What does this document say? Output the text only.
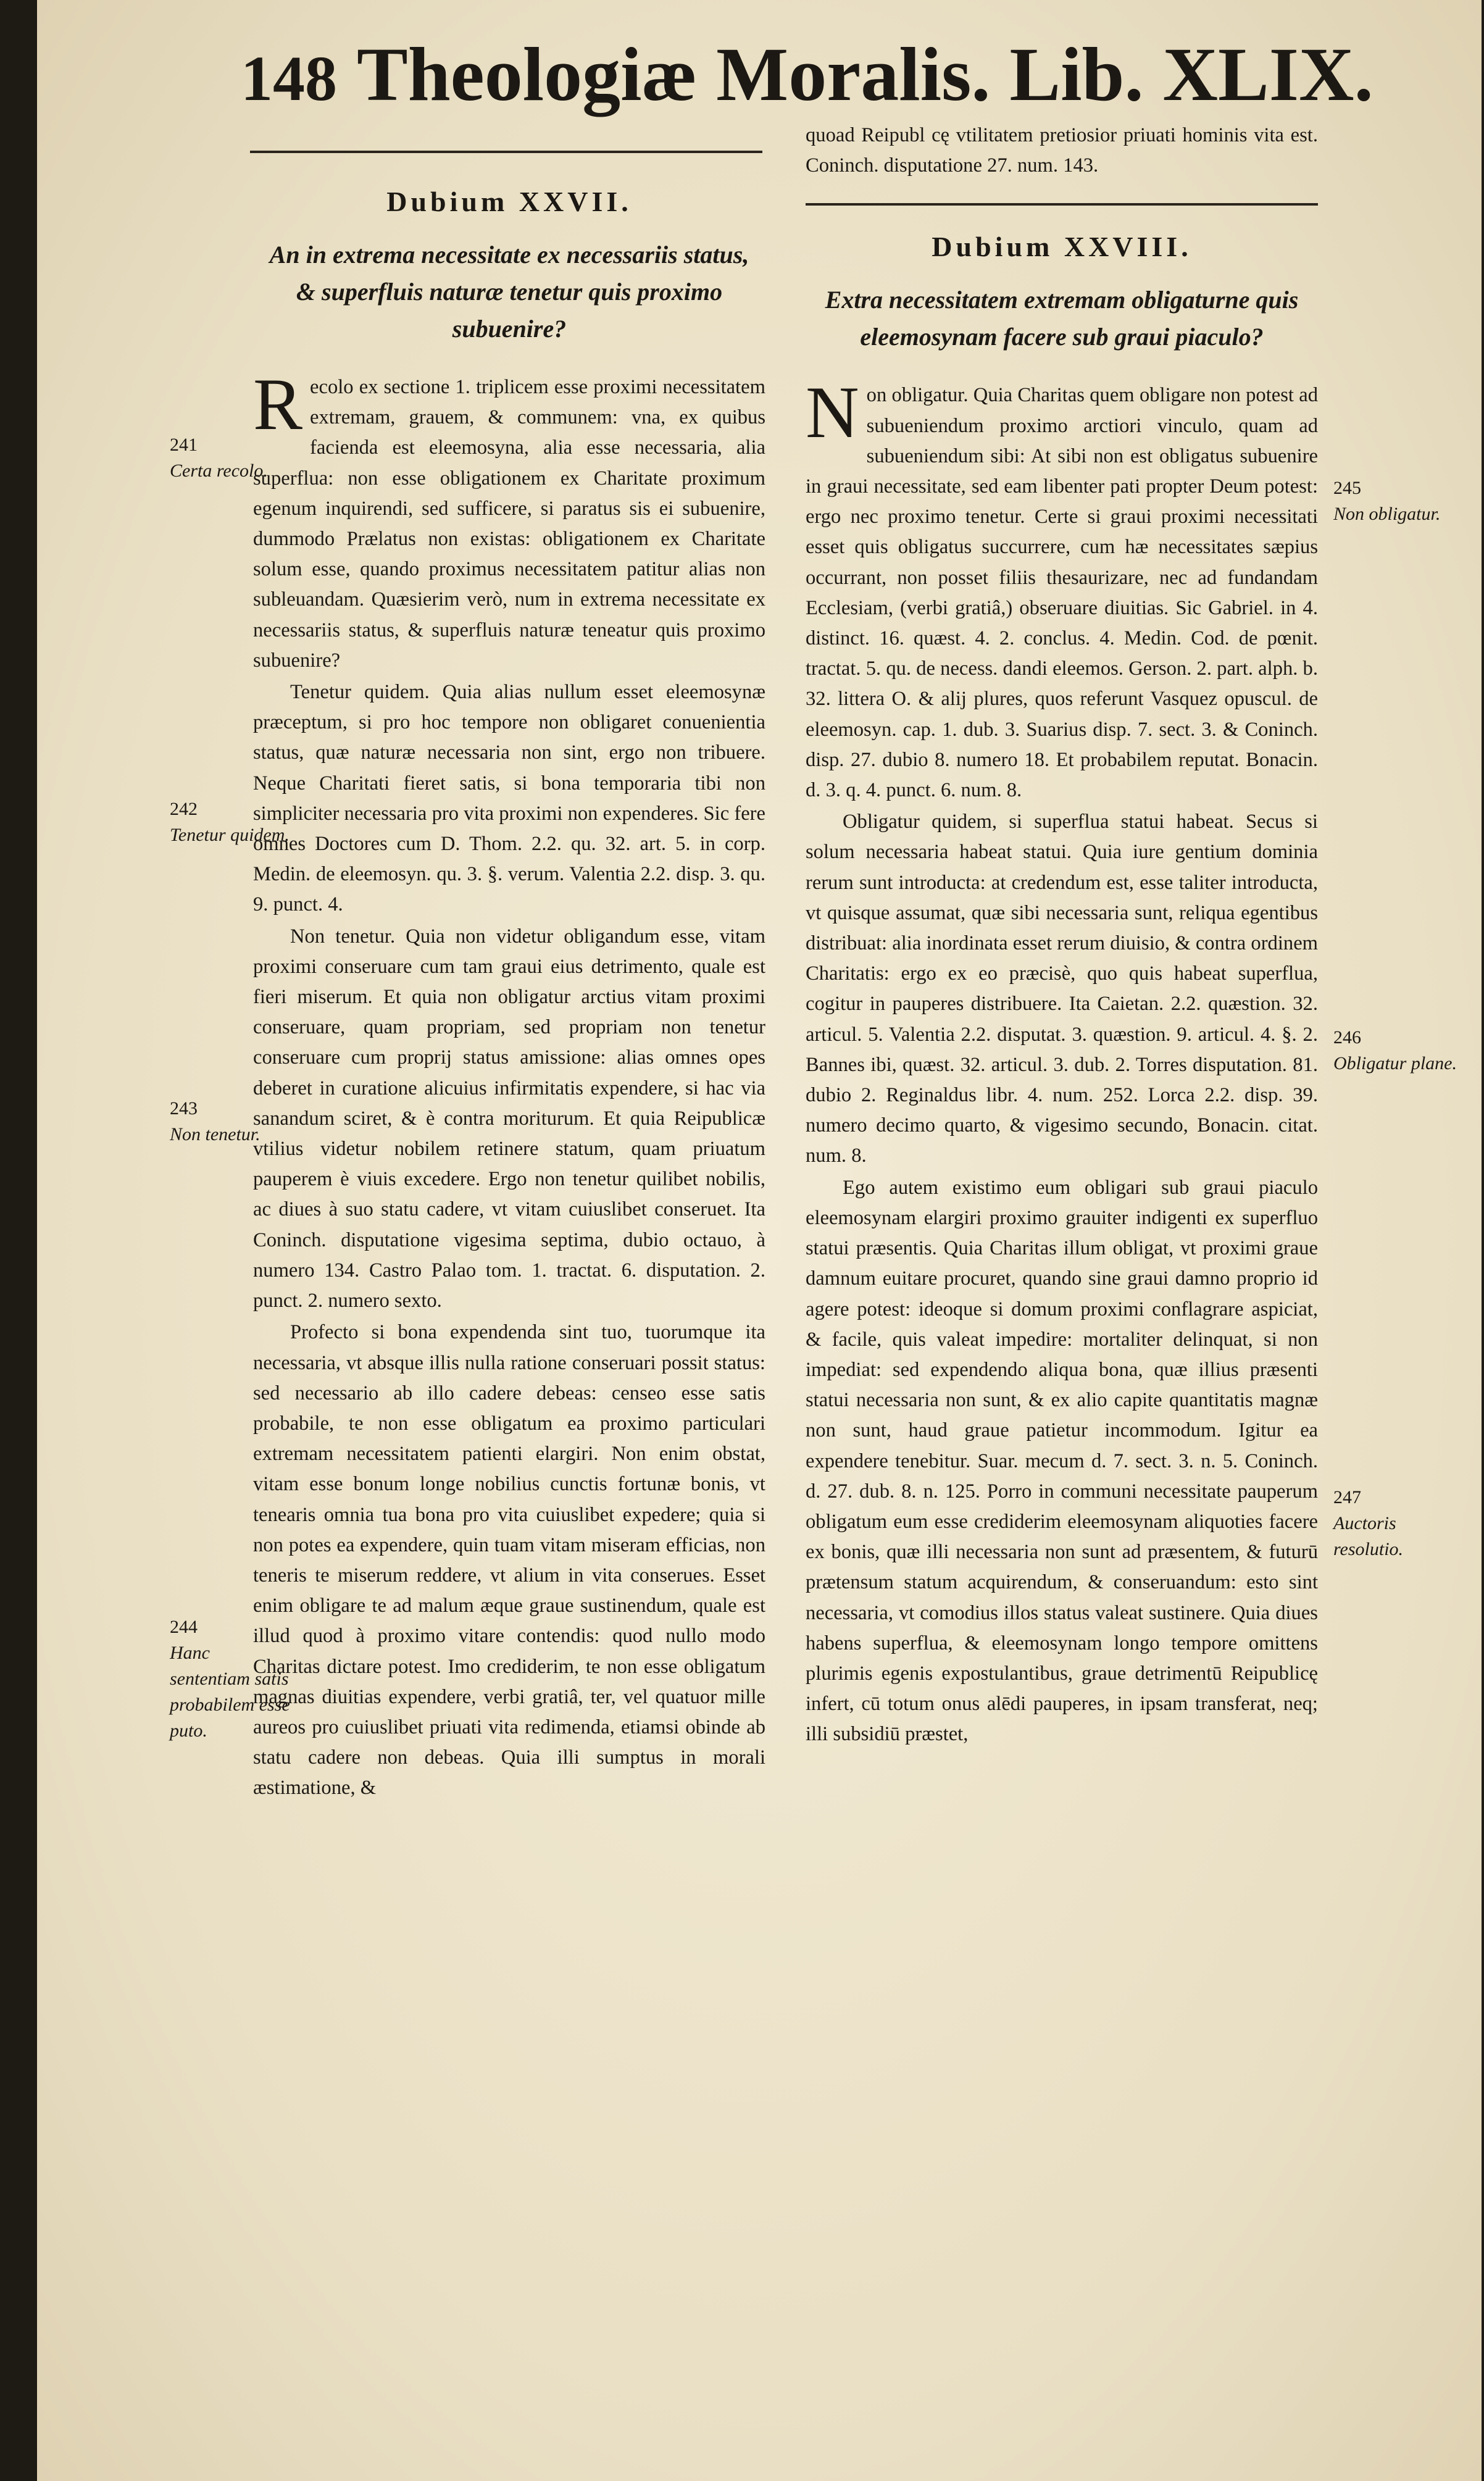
148 Theologiæ Moralis. Lib. XLIX.
Dubium XXVII.
An in extrema necessitate ex necessariis status, & superfluis naturæ tenetur quis proximo subuenire?

Recolo ex sectione 1. triplicem esse proximi necessitatem extremam, grauem, & communem: vna, ex quibus facienda est eleemosyna, alia esse necessaria, alia superflua: non esse obligationem ex Charitate proximum egenum inquirendi, sed sufficere, si paratus sis ei subuenire, dummodo Prælatus non existas: obligationem ex Charitate solum esse, quando proximus necessitatem patitur alias non subleuandam. Quæsierim verò, num in extrema necessitate ex necessariis status, & superfluis naturæ teneatur quis proximo subuenire?

Tenetur quidem. Quia alias nullum esset eleemosynæ præceptum, si pro hoc tempore non obligaret conuenientia status, quæ naturæ necessaria non sint, ergo non tribuere. Neque Charitati fieret satis, si bona temporaria tibi non simpliciter necessaria pro vita proximi non expenderes. Sic fere omnes Doctores cum D. Thom. 2.2. qu. 32. art. 5. in corp. Medin. de eleemosyn. qu. 3. §. verum. Valentia 2.2. disp. 3. qu. 9. punct. 4.

Non tenetur. Quia non videtur obligandum esse, vitam proximi conseruare cum tam graui eius detrimento, quale est fieri miserum. Et quia non obligatur arctius vitam proximi conseruare, quam propriam, sed propriam non tenetur conseruare cum proprij status amissione: alias omnes opes deberet in curatione alicuius infirmitatis expendere, si hac via sanandum sciret, & è contra moriturum. Et quia Reipublicæ vtilius videtur nobilem retinere statum, quam priuatum pauperem è viuis excedere. Ergo non tenetur quilibet nobilis, ac diues à suo statu cadere, vt vitam cuiuslibet conseruet. Ita Coninch. disputatione vigesima septima, dubio octauo, à numero 134. Castro Palao tom. 1. tractat. 6. disputation. 2. punct. 2. numero sexto.

Profecto si bona expendenda sint tuo, tuorumque ita necessaria, vt absque illis nulla ratione conseruari possit status: sed necessario ab illo cadere debeas: censeo esse satis probabile, te non esse obligatum ea proximo particulari extremam necessitatem patienti elargiri. Non enim obstat, vitam esse bonum longe nobilius cunctis fortunæ bonis, vt tenearis omnia tua bona pro vita cuiuslibet expedere; quia si non potes ea expendere, quin tuam vitam miseram efficias, non teneris te miserum reddere, vt alium in vita conserues. Esset enim obligare te ad malum æque graue sustinendum, quale est illud quod à proximo vitare contendis: quod nullo modo Charitas dictare potest. Imo crediderim, te non esse obligatum magnas diuitias expendere, verbi gratiâ, ter, vel quatuor mille aureos pro cuiuslibet priuati vita redimenda, etiamsi obinde ab statu cadere non debeas. Quia illi sumptus in morali æstimatione, &

241
Certa recolo.
242
Tenetur quidem.
243
Non tenetur.
244
Hanc sententiam satis probabilem esse puto.

quoad Reipubl cę vtilitatem pretiosior priuati hominis vita est. Coninch. disputatione 27. num. 143.

Dubium XXVIII.
Extra necessitatem extremam obligaturne quis eleemosynam facere sub graui piaculo?

Non obligatur. Quia Charitas quem obligare non potest ad subueniendum proximo arctiori vinculo, quam ad subueniendum sibi: At sibi non est obligatus subuenire in graui necessitate, sed eam libenter pati propter Deum potest: ergo nec proximo tenetur. Certe si graui proximi necessitati esset quis obligatus succurrere, cum hæ necessitates sæpius occurrant, non posset filiis thesaurizare, nec ad fundandam Ecclesiam, (verbi gratiâ,) obseruare diuitias. Sic Gabriel. in 4. distinct. 16. quæst. 4. 2. conclus. 4. Medin. Cod. de pœnit. tractat. 5. qu. de necess. dandi eleemos. Gerson. 2. part. alph. b. 32. littera O. & alij plures, quos referunt Vasquez opuscul. de eleemosyn. cap. 1. dub. 3. Suarius disp. 7. sect. 3. & Coninch. disp. 27. dubio 8. numero 18. Et probabilem reputat. Bonacin. d. 3. q. 4. punct. 6. num. 8.

Obligatur quidem, si superflua statui habeat. Secus si solum necessaria habeat statui. Quia iure gentium dominia rerum sunt introducta: at credendum est, esse taliter introducta, vt quisque assumat, quæ sibi necessaria sunt, reliqua egentibus distribuat: alia inordinata esset rerum diuisio, & contra ordinem Charitatis: ergo ex eo præcisè, quo quis habeat superflua, cogitur in pauperes distribuere. Ita Caietan. 2.2. quæstion. 32. articul. 5. Valentia 2.2. disputat. 3. quæstion. 9. articul. 4. §. 2. Bannes ibi, quæst. 32. articul. 3. dub. 2. Torres disputation. 81. dubio 2. Reginaldus libr. 4. num. 252. Lorca 2.2. disp. 39. numero decimo quarto, & vigesimo secundo, Bonacin. citat. num. 8.

Ego autem existimo eum obligari sub graui piaculo eleemosynam elargiri proximo grauiter indigenti ex superfluo statui præsentis. Quia Charitas illum obligat, vt proximi graue damnum euitare procuret, quando sine graui damno proprio id agere potest: ideoque si domum proximi conflagrare aspiciat, & facile, quis valeat impedire: mortaliter delinquat, si non impediat: sed expendendo aliqua bona, quæ illius præsenti statui necessaria non sunt, & ex alio capite quantitatis magnæ non sunt, haud graue patietur incommodum. Igitur ea expendere tenebitur. Suar. mecum d. 7. sect. 3. n. 5. Coninch. d. 27. dub. 8. n. 125. Porro in communi necessitate pauperum obligatum eum esse crediderim eleemosynam aliquoties facere ex bonis, quæ illi necessaria non sunt ad præsentem, & futurū prætensum statum acquirendum, & conseruandum: esto sint necessaria, vt comodius illos status valeat sustinere. Quia diues habens superflua, & eleemosynam longo tempore omittens plurimis egenis expostulantibus, graue detrimentū Reipublicę infert, cū totum onus alēdi pauperes, in ipsam transferat, neq; illi subsidiū præstet,

245
Non obligatur.
246
Obligatur plane.
247
Auctoris resolutio.
